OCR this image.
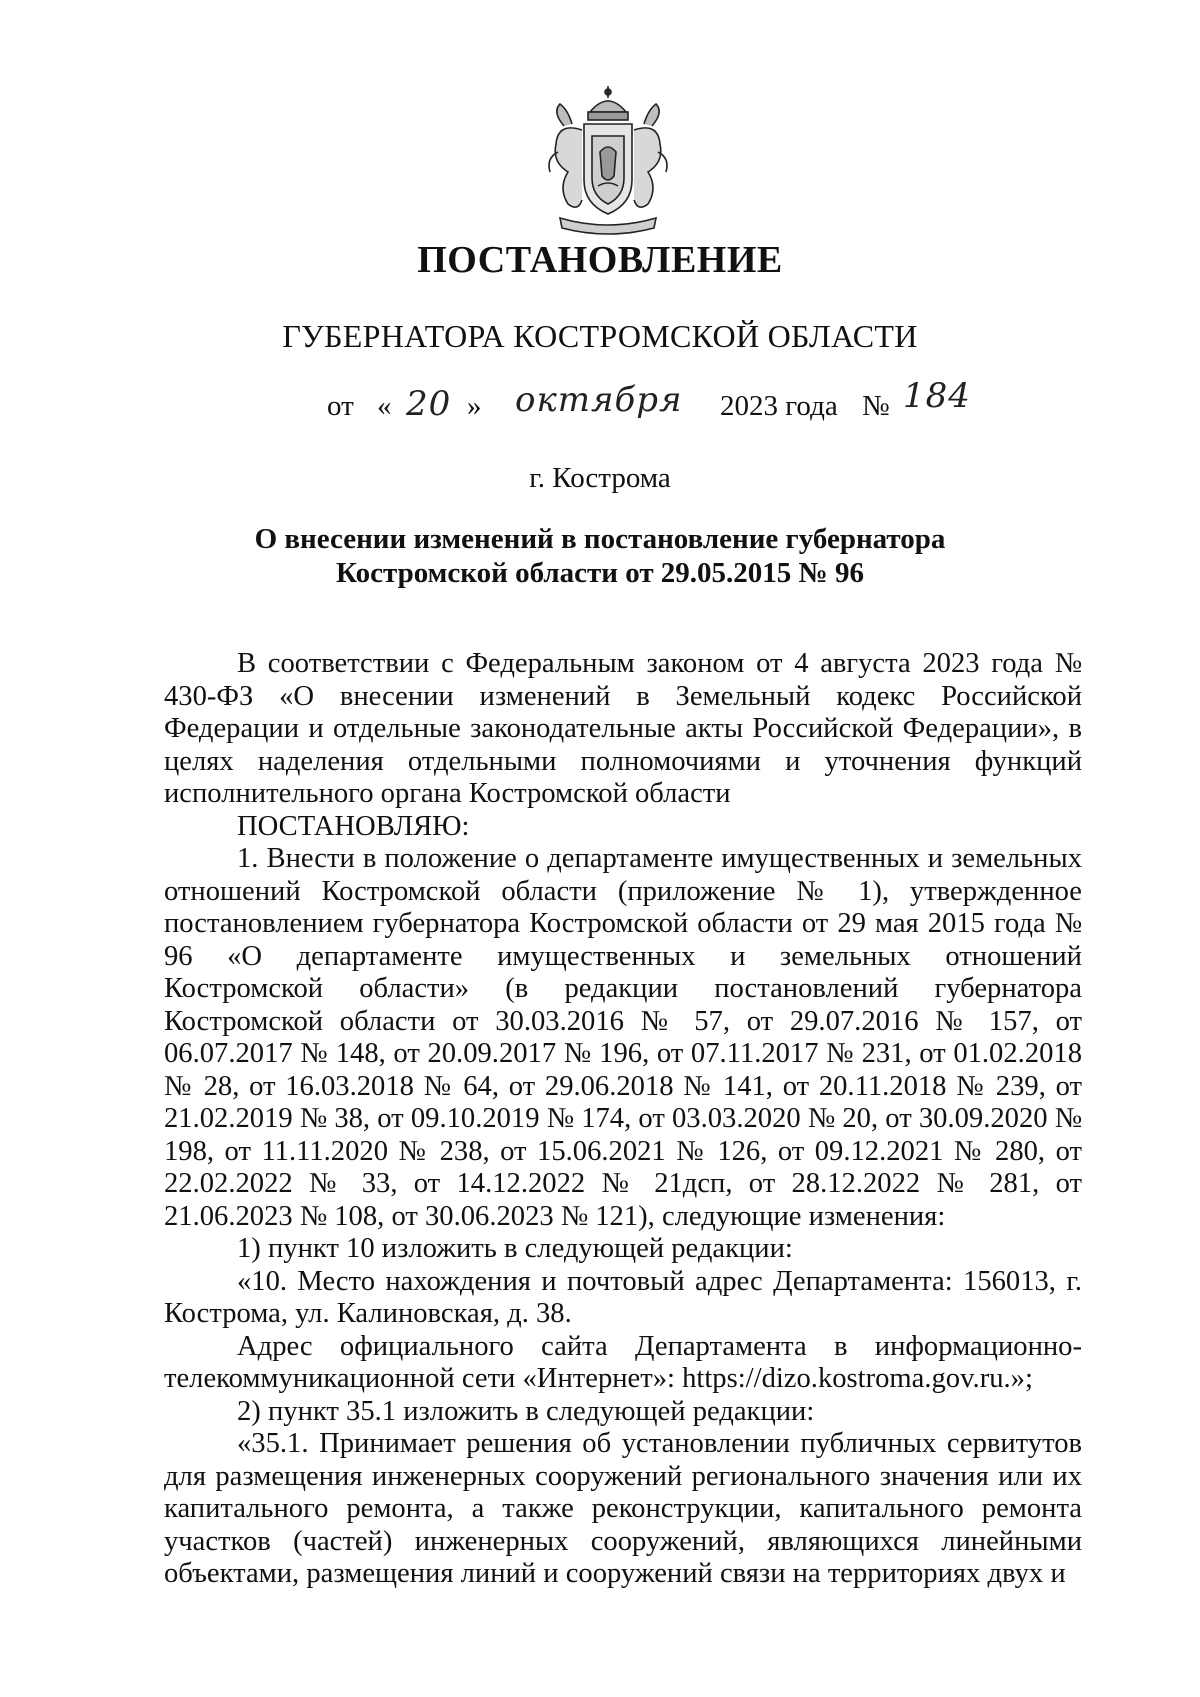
ПОСТАНОВЛЕНИЕ
ГУБЕРНАТОРА КОСТРОМСКОЙ ОБЛАСТИ
от « 20 » октября 2023 года № 184
г. Кострома
О внесении изменений в постановление губернатора
Костромской области от 29.05.2015 № 96

В соответствии с Федеральным законом от 4 августа 2023 года № 430-ФЗ «О внесении изменений в Земельный кодекс Российской Федерации и отдельные законодательные акты Российской Федерации», в целях наделения отдельными полномочиями и уточнения функций исполнительного органа Костромской области

ПОСТАНОВЛЯЮ:

1. Внести в положение о департаменте имущественных и земельных отношений Костромской области (приложение № 1), утвержденное постановлением губернатора Костромской области от 29 мая 2015 года № 96 «О департаменте имущественных и земельных отношений Костромской области» (в редакции постановлений губернатора Костромской области от 30.03.2016 № 57, от 29.07.2016 № 157, от 06.07.2017 № 148, от 20.09.2017 № 196, от 07.11.2017 № 231, от 01.02.2018 № 28, от 16.03.2018 № 64, от 29.06.2018 № 141, от 20.11.2018 № 239, от 21.02.2019 № 38, от 09.10.2019 № 174, от 03.03.2020 № 20, от 30.09.2020 № 198, от 11.11.2020 № 238, от 15.06.2021 № 126, от 09.12.2021 № 280, от 22.02.2022 № 33, от 14.12.2022 № 21дсп, от 28.12.2022 № 281, от 21.06.2023 № 108, от 30.06.2023 № 121), следующие изменения:

1) пункт 10 изложить в следующей редакции:

«10. Место нахождения и почтовый адрес Департамента: 156013, г. Кострома, ул. Калиновская, д. 38.

Адрес официального сайта Департамента в информационно-телекоммуникационной сети «Интернет»: https://dizo.kostroma.gov.ru.»;

2) пункт 35.1 изложить в следующей редакции:

«35.1. Принимает решения об установлении публичных сервитутов для размещения инженерных сооружений регионального значения или их капитального ремонта, а также реконструкции, капитального ремонта участков (частей) инженерных сооружений, являющихся линейными объектами, размещения линий и сооружений связи на территориях двух и
